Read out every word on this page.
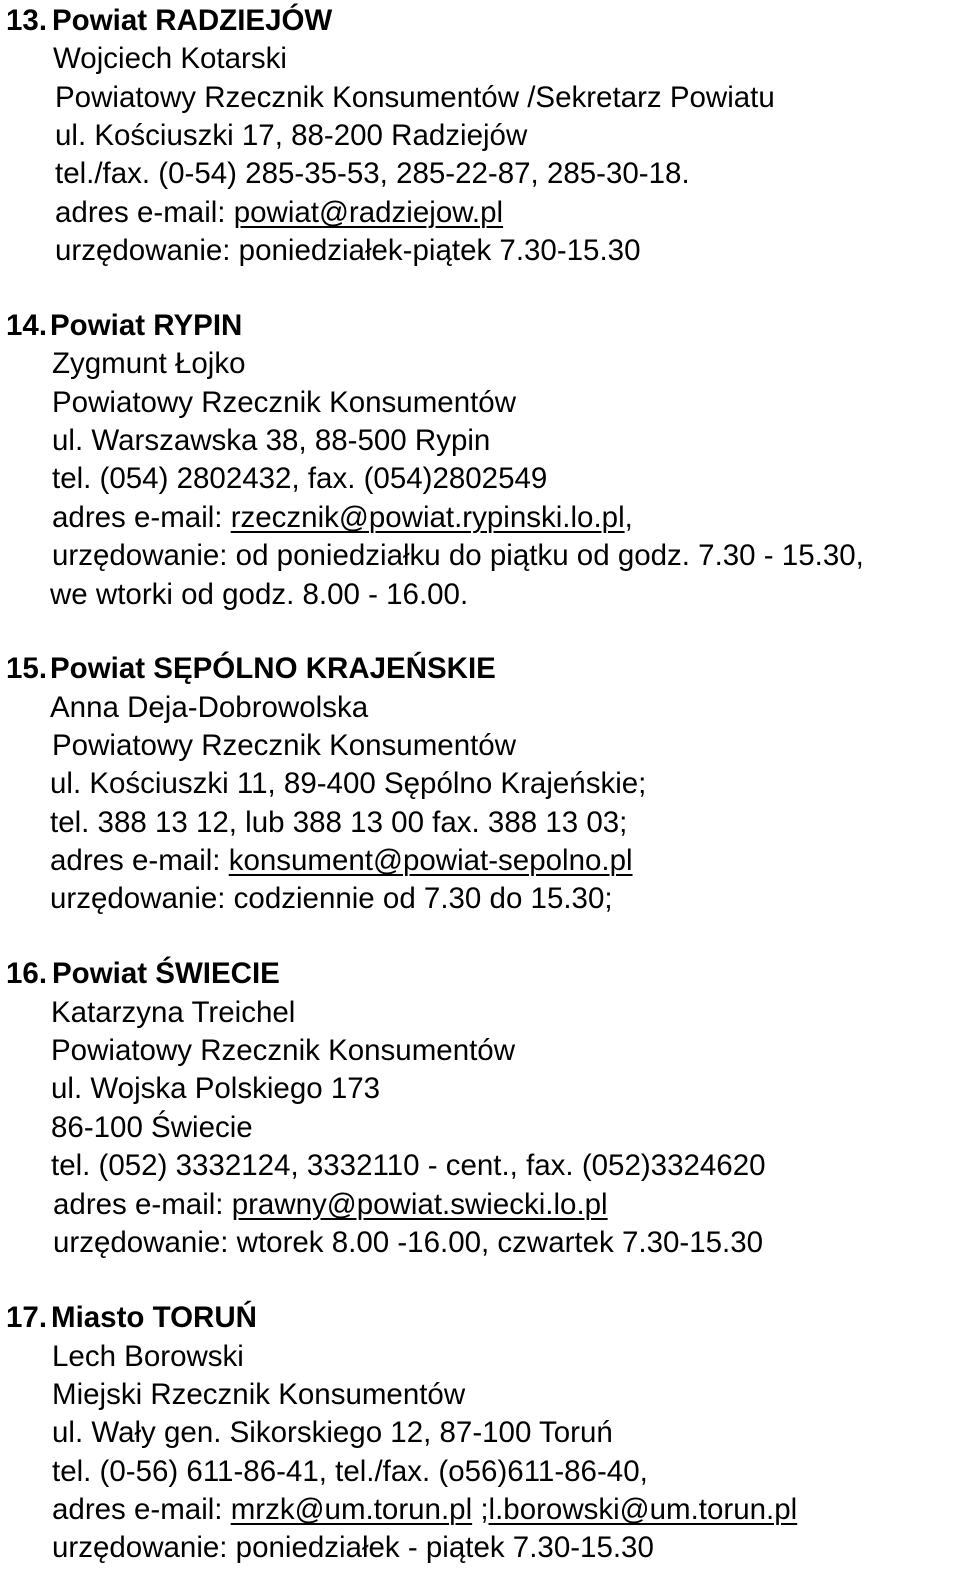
13. Powiat RADZIEJÓW
Wojciech Kotarski
Powiatowy Rzecznik Konsumentów /Sekretarz Powiatu
ul. Kościuszki 17, 88-200 Radziejów
tel./fax. (0-54) 285-35-53, 285-22-87, 285-30-18.
adres e-mail: powiat@radziejow.pl
urzędowanie: poniedziałek-piątek 7.30-15.30
14. Powiat RYPIN
Zygmunt Łojko
Powiatowy Rzecznik Konsumentów
ul. Warszawska 38, 88-500 Rypin
tel. (054) 2802432, fax. (054)2802549
adres e-mail: rzecznik@powiat.rypinski.lo.pl,
urzędowanie: od poniedziałku do piątku od godz. 7.30 - 15.30,
we wtorki od godz. 8.00 - 16.00.
15. Powiat SĘPÓLNO KRAJEŃSKIE
Anna Deja-Dobrowolska
Powiatowy Rzecznik Konsumentów
ul. Kościuszki 11, 89-400 Sępólno Krajeńskie;
tel. 388 13 12, lub 388 13 00 fax. 388 13 03;
adres e-mail: konsument@powiat-sepolno.pl
urzędowanie: codziennie od 7.30 do 15.30;
16. Powiat ŚWIECIE
Katarzyna Treichel
Powiatowy Rzecznik Konsumentów
ul. Wojska Polskiego 173
86-100 Świecie
tel. (052) 3332124, 3332110 - cent., fax. (052)3324620
adres e-mail: prawny@powiat.swiecki.lo.pl
urzędowanie: wtorek 8.00 -16.00, czwartek 7.30-15.30
17. Miasto TORUŃ
Lech Borowski
Miejski Rzecznik Konsumentów
ul. Wały gen. Sikorskiego 12, 87-100 Toruń
tel. (0-56) 611-86-41, tel./fax. (o56)611-86-40,
adres e-mail: mrzk@um.torun.pl ;l.borowski@um.torun.pl
urzędowanie: poniedziałek - piątek 7.30-15.30
